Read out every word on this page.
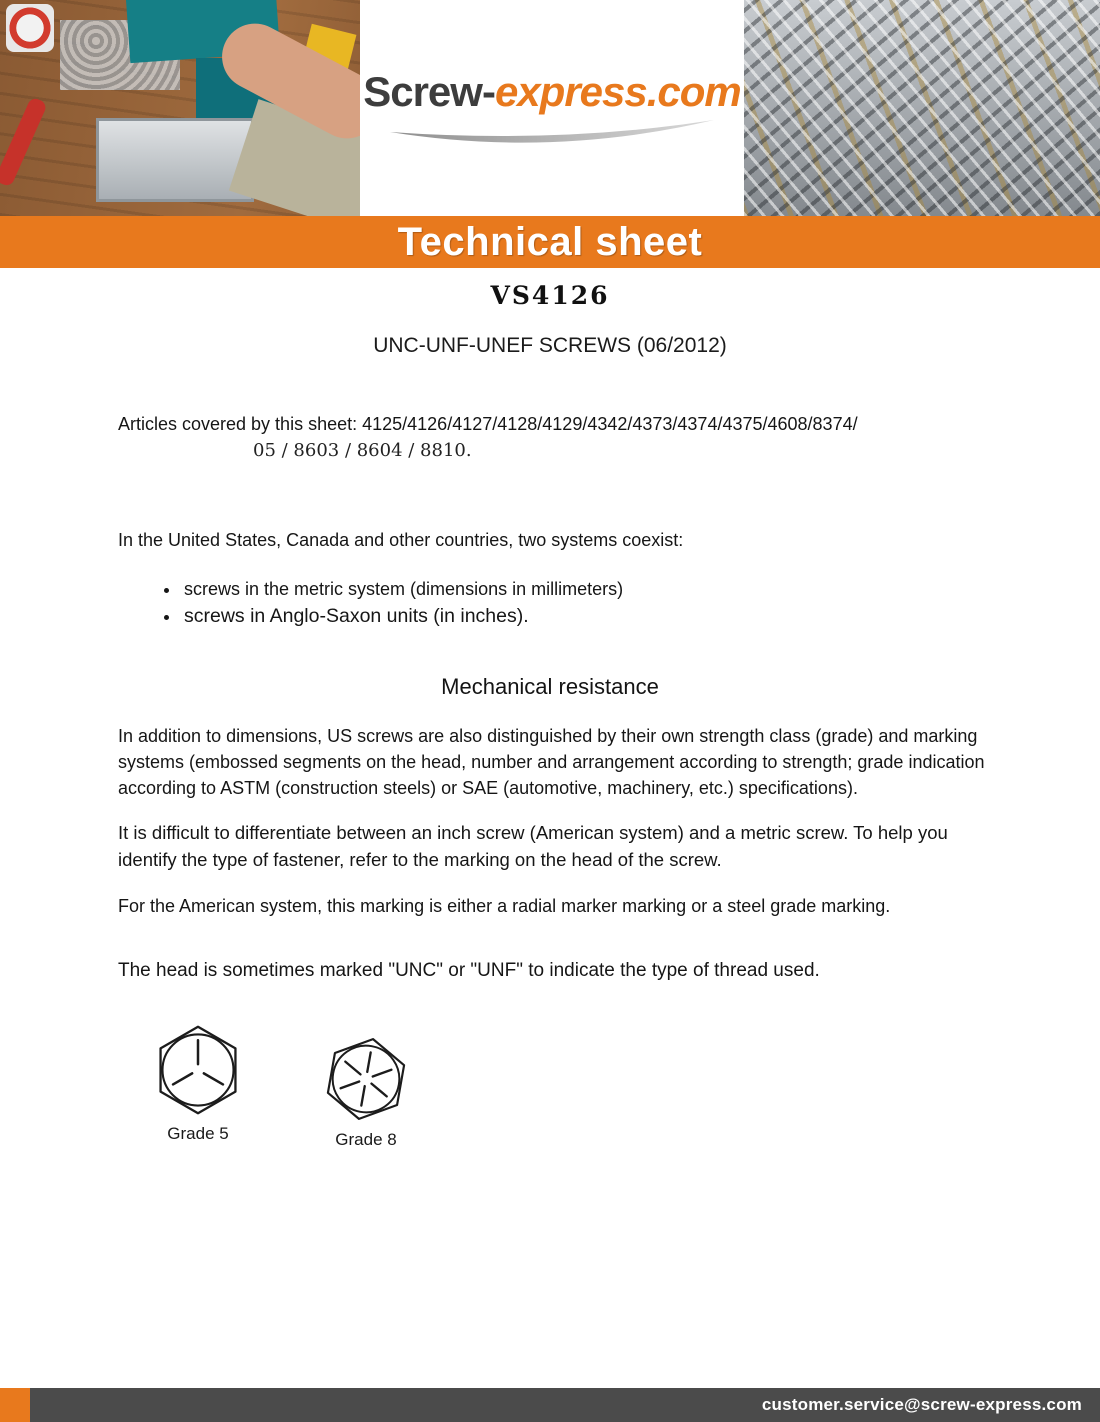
Screw-express.com
Technical sheet
VS4126
UNC-UNF-UNEF SCREWS (06/2012)
Articles covered by this sheet: 4125/4126/4127/4128/4129/4342/4373/4374/4375/4608/8374/
05 / 8603 / 8604 / 8810.
In the United States, Canada and other countries, two systems coexist:
screws in the metric system (dimensions in millimeters)
screws in Anglo-Saxon units (in inches).
Mechanical resistance
In addition to dimensions, US screws are also distinguished by their own strength class (grade) and marking systems (embossed segments on the head, number and arrangement according to strength; grade indication according to ASTM (construction steels) or SAE (automotive, machinery, etc.) specifications).
It is difficult to differentiate between an inch screw (American system) and a metric screw. To help you identify the type of fastener, refer to the marking on the head of the screw.
For the American system, this marking is either a radial marker marking or a steel grade marking.
The head is sometimes marked "UNC" or "UNF" to indicate the type of thread used.
Grade 5	Grade 8
customer.service@screw-express.com
